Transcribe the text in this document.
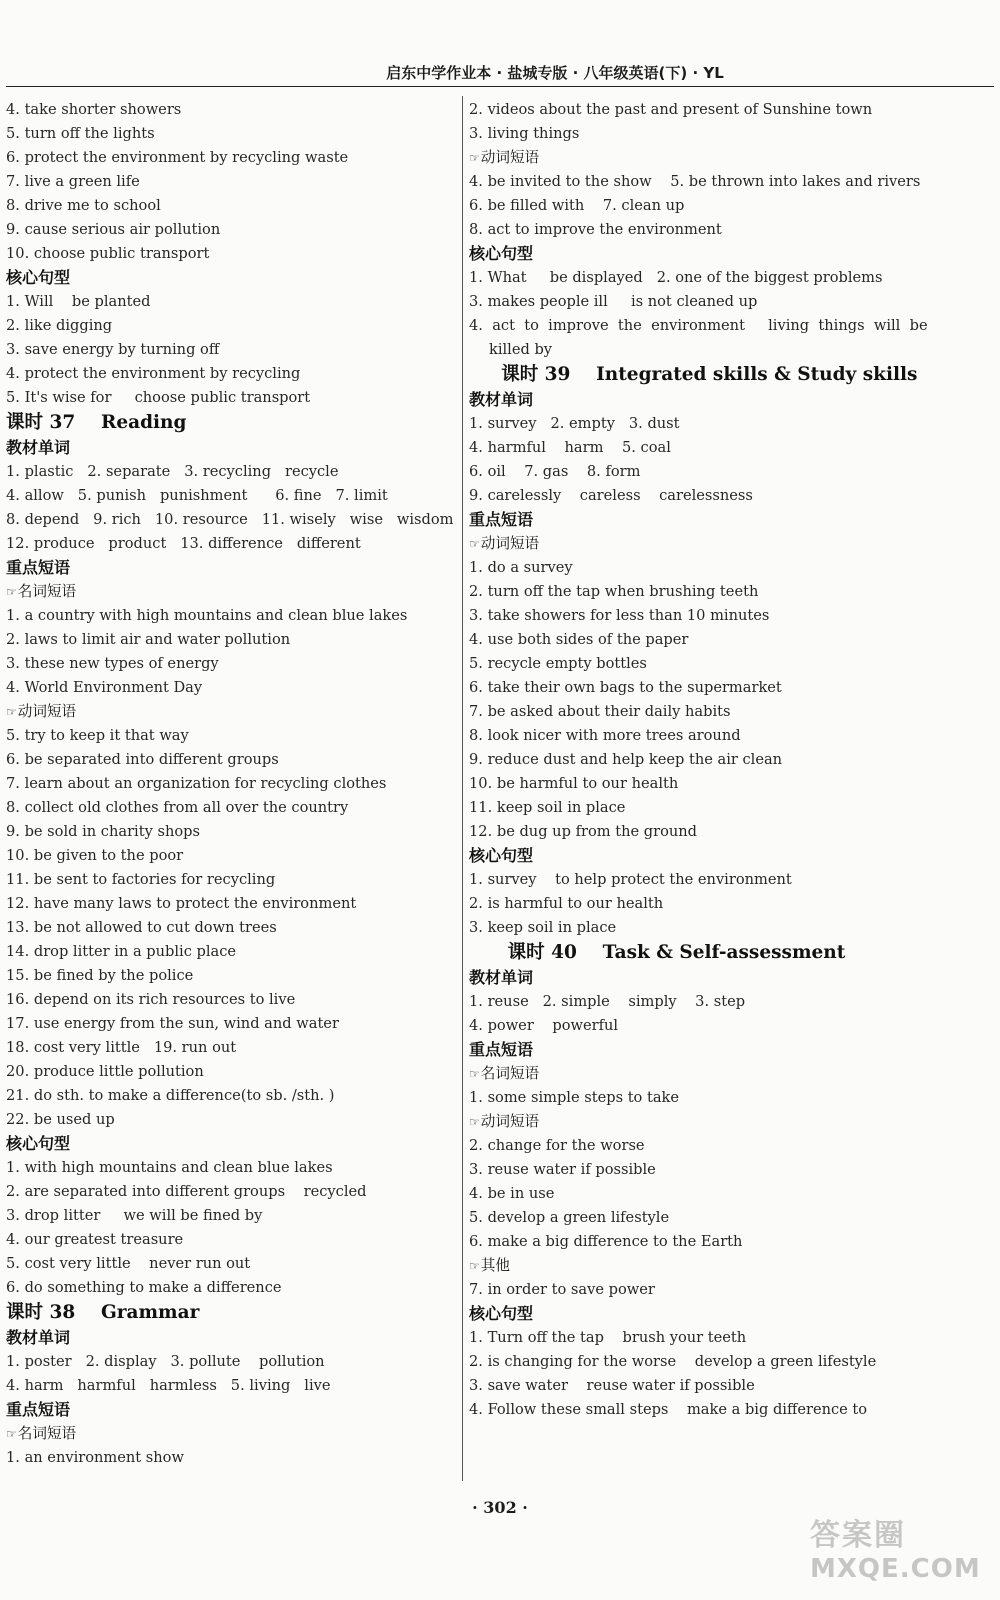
启东中学作业本 · 盐城专版 · 八年级英语(下) · YL
4. take shorter showers
5. turn off the lights
6. protect the environment by recycling waste
7. live a green life
8. drive me to school
9. cause serious air pollution
10. choose public transport
核心句型
1. Will    be planted
2. like digging
3. save energy by turning off
4. protect the environment by recycling
5. It's wise for     choose public transport
课时 37    Reading
教材单词
1. plastic   2. separate   3. recycling   recycle
4. allow   5. punish   punishment      6. fine   7. limit
8. depend   9. rich   10. resource   11. wisely   wise   wisdom
12. produce   product   13. difference   different
重点短语
☞名词短语
1. a country with high mountains and clean blue lakes
2. laws to limit air and water pollution
3. these new types of energy
4. World Environment Day
☞动词短语
5. try to keep it that way
6. be separated into different groups
7. learn about an organization for recycling clothes
8. collect old clothes from all over the country
9. be sold in charity shops
10. be given to the poor
11. be sent to factories for recycling
12. have many laws to protect the environment
13. be not allowed to cut down trees
14. drop litter in a public place
15. be fined by the police
16. depend on its rich resources to live
17. use energy from the sun, wind and water
18. cost very little   19. run out
20. produce little pollution
21. do sth. to make a difference(to sb. /sth. )
22. be used up
核心句型
1. with high mountains and clean blue lakes
2. are separated into different groups    recycled
3. drop litter     we will be fined by
4. our greatest treasure
5. cost very little    never run out
6. do something to make a difference
课时 38    Grammar
教材单词
1. poster   2. display   3. pollute    pollution
4. harm   harmful   harmless   5. living   live
重点短语
☞名词短语
1. an environment show
2. videos about the past and present of Sunshine town
3. living things
☞动词短语
4. be invited to the show    5. be thrown into lakes and rivers
6. be filled with    7. clean up
8. act to improve the environment
核心句型
1. What     be displayed   2. one of the biggest problems
3. makes people ill     is not cleaned up
4.  act  to  improve  the  environment     living  things  will  be
killed by
课时 39    Integrated skills & Study skills
教材单词
1. survey   2. empty   3. dust
4. harmful    harm    5. coal
6. oil    7. gas    8. form
9. carelessly    careless    carelessness
重点短语
☞动词短语
1. do a survey
2. turn off the tap when brushing teeth
3. take showers for less than 10 minutes
4. use both sides of the paper
5. recycle empty bottles
6. take their own bags to the supermarket
7. be asked about their daily habits
8. look nicer with more trees around
9. reduce dust and help keep the air clean
10. be harmful to our health
11. keep soil in place
12. be dug up from the ground
核心句型
1. survey    to help protect the environment
2. is harmful to our health
3. keep soil in place
课时 40    Task & Self-assessment
教材单词
1. reuse   2. simple    simply    3. step
4. power    powerful
重点短语
☞名词短语
1. some simple steps to take
☞动词短语
2. change for the worse
3. reuse water if possible
4. be in use
5. develop a green lifestyle
6. make a big difference to the Earth
☞其他
7. in order to save power
核心句型
1. Turn off the tap    brush your teeth
2. is changing for the worse    develop a green lifestyle
3. save water    reuse water if possible
4. Follow these small steps    make a big difference to
· 302 ·
答案圈
MXQE.COM
